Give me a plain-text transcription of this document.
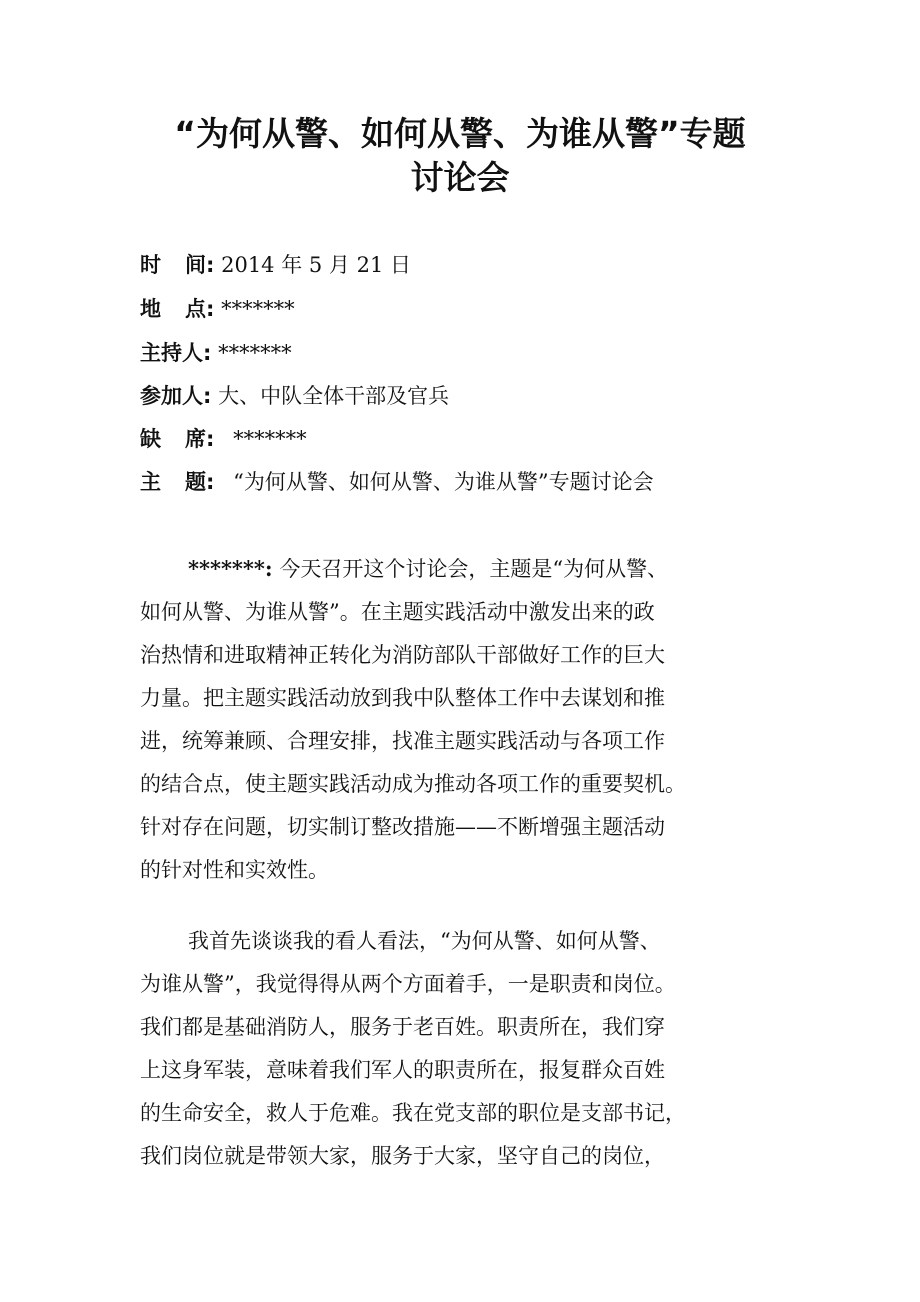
“为何从警、如何从警、为谁从警”专题
讨论会
时 间: 2014 年 5 月 21 日
地 点: *******
主持人: *******
参加人: 大、中队全体干部及官兵
缺 席: *******
主 题: “为何从警、如何从警、为谁从警”专题讨论会
*******: 今天召开这个讨论会，主题是“为何从警、
如何从警、为谁从警”。在主题实践活动中激发出来的政
治热情和进取精神正转化为消防部队干部做好工作的巨大
力量。把主题实践活动放到我中队整体工作中去谋划和推
进，统筹兼顾、合理安排，找准主题实践活动与各项工作
的结合点，使主题实践活动成为推动各项工作的重要契机。
针对存在问题，切实制订整改措施——不断增强主题活动
的针对性和实效性。
我首先谈谈我的看人看法，“为何从警、如何从警、
为谁从警”，我觉得得从两个方面着手，一是职责和岗位。
我们都是基础消防人，服务于老百姓。职责所在，我们穿
上这身军装，意味着我们军人的职责所在，报复群众百姓
的生命安全，救人于危难。我在党支部的职位是支部书记，
我们岗位就是带领大家，服务于大家，坚守自己的岗位，
